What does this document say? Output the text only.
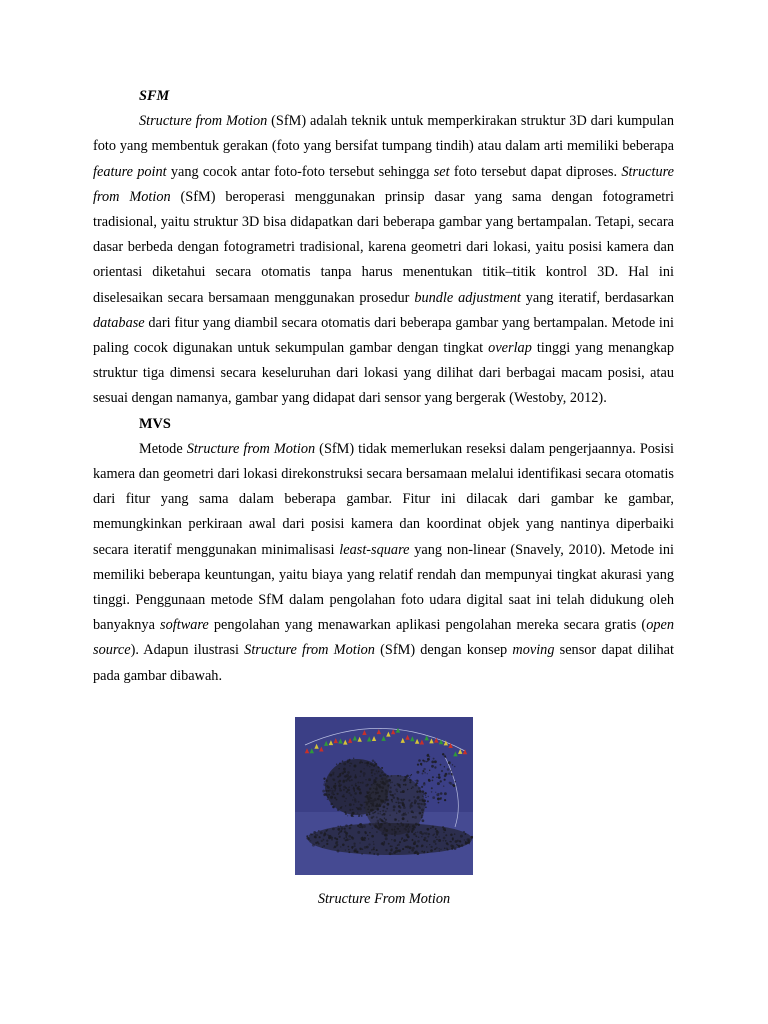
SFM

Structure from Motion (SfM) adalah teknik untuk memperkirakan struktur 3D dari kumpulan foto yang membentuk gerakan (foto yang bersifat tumpang tindih) atau dalam arti memiliki beberapa feature point yang cocok antar foto-foto tersebut sehingga set foto tersebut dapat diproses. Structure from Motion (SfM) beroperasi menggunakan prinsip dasar yang sama dengan fotogrametri tradisional, yaitu struktur 3D bisa didapatkan dari beberapa gambar yang bertampalan. Tetapi, secara dasar berbeda dengan fotogrametri tradisional, karena geometri dari lokasi, yaitu posisi kamera dan orientasi diketahui secara otomatis tanpa harus menentukan titik–titik kontrol 3D. Hal ini diselesaikan secara bersamaan menggunakan prosedur bundle adjustment yang iteratif, berdasarkan database dari fitur yang diambil secara otomatis dari beberapa gambar yang bertampalan. Metode ini paling cocok digunakan untuk sekumpulan gambar dengan tingkat overlap tinggi yang menangkap struktur tiga dimensi secara keseluruhan dari lokasi yang dilihat dari berbagai macam posisi, atau sesuai dengan namanya, gambar yang didapat dari sensor yang bergerak (Westoby, 2012).

MVS

Metode Structure from Motion (SfM) tidak memerlukan reseksi dalam pengerjaannya. Posisi kamera dan geometri dari lokasi direkonstruksi secara bersamaan melalui identifikasi secara otomatis dari fitur yang sama dalam beberapa gambar. Fitur ini dilacak dari gambar ke gambar, memungkinkan perkiraan awal dari posisi kamera dan koordinat objek yang nantinya diperbaiki secara iteratif menggunakan minimalisasi least-square yang non-linear (Snavely, 2010). Metode ini memiliki beberapa keuntungan, yaitu biaya yang relatif rendah dan mempunyai tingkat akurasi yang tinggi. Penggunaan metode SfM dalam pengolahan foto udara digital saat ini telah didukung oleh banyaknya software pengolahan yang menawarkan aplikasi pengolahan mereka secara gratis (open source). Adapun ilustrasi Structure from Motion (SfM) dengan konsep moving sensor dapat dilihat pada gambar dibawah.

Structure From Motion
